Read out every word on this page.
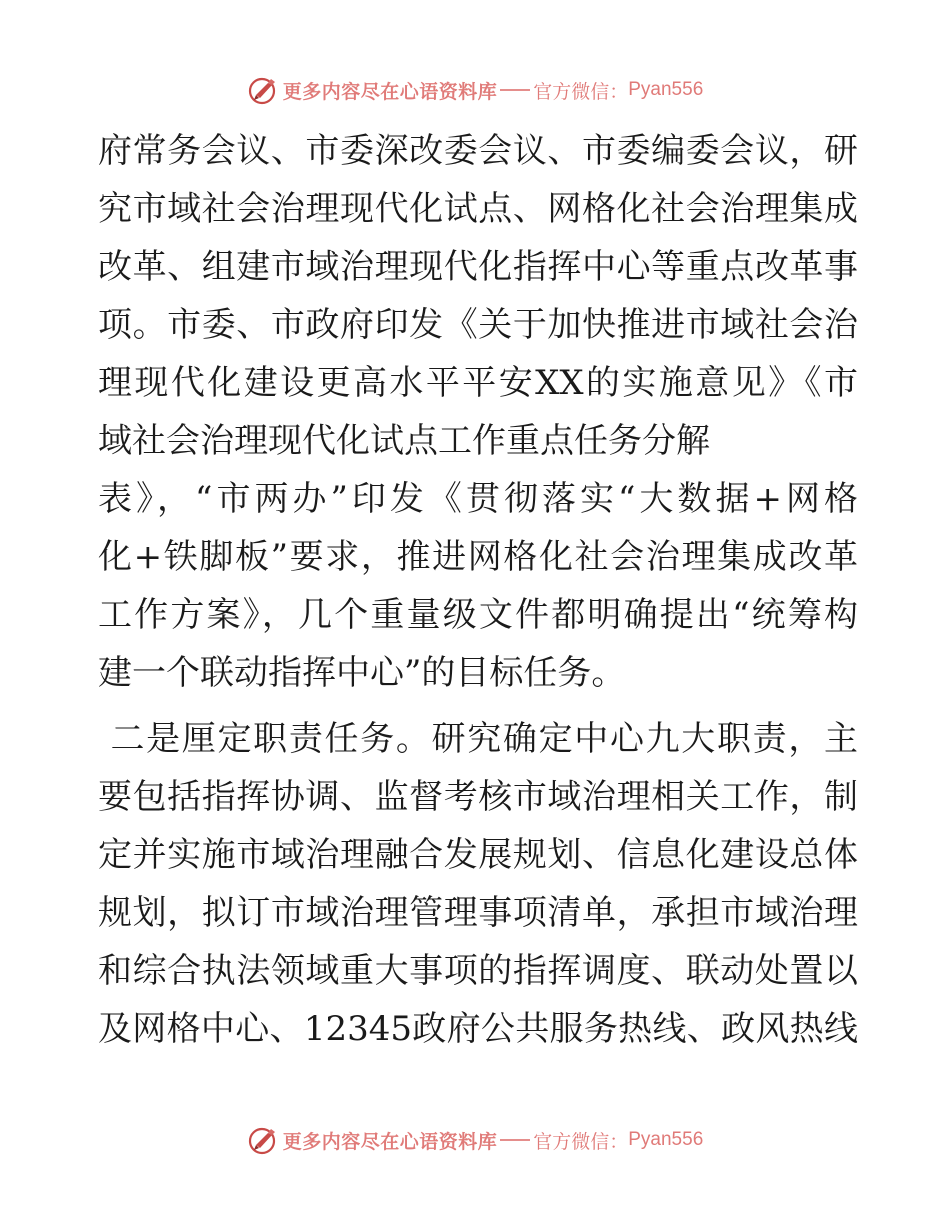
更多内容尽在心语资料库 官方微信： Pyan556
府常务会议、市委深改委会议、市委编委会议，研
究市域社会治理现代化试点、网格化社会治理集成
改革、组建市域治理现代化指挥中心等重点改革事
项。市委、市政府印发《关于加快推进市域社会治
理现代化建设更高水平平安XX的实施意见》《市
域社会治理现代化试点工作重点任务分解
表》，“市两办”印发《贯彻落实“大数据+网格
化+铁脚板”要求，推进网格化社会治理集成改革
工作方案》，几个重量级文件都明确提出“统筹构
建一个联动指挥中心”的目标任务。
二是厘定职责任务。研究确定中心九大职责，主
要包括指挥协调、监督考核市域治理相关工作，制
定并实施市域治理融合发展规划、信息化建设总体
规划，拟订市域治理管理事项清单，承担市域治理
和综合执法领域重大事项的指挥调度、联动处置以
及网格中心、12345政府公共服务热线、政风热线
更多内容尽在心语资料库 官方微信： Pyan556
